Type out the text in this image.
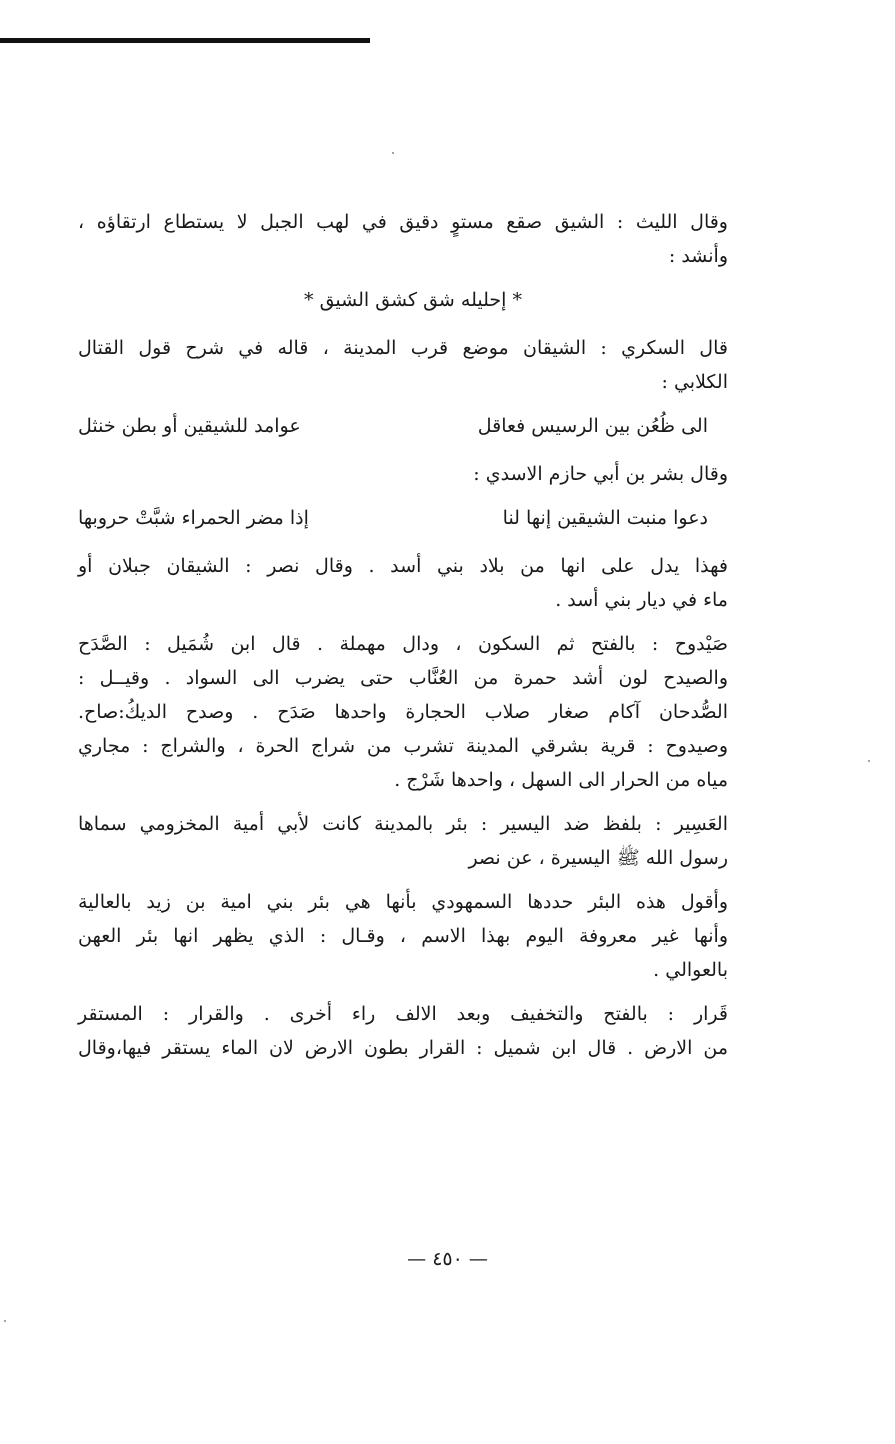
وقال الليث : الشيق صقع مستوٍ دقيق في لهب الجبل لا يستطاع ارتقاؤه ،
وأنشد :
* إحليله شق كشق الشيق *
قال السكري : الشيقان موضع قرب المدينة ، قاله في شرح قول القتال
الكلابي :
الى ظُعُن بين الرسيس فعاقل
عوامد للشيقين أو بطن خنثل
وقال بشر بن أبي حازم الاسدي :
دعوا منبت الشيقين إنها لنا
إذا مضر الحمراء شبَّتْ حروبها
فهذا يدل على انها من بلاد بني أسد . وقال نصر : الشيقان جبلان أو
ماء في ديار بني أسد .
صَيْدوح : بالفتح ثم السكون ، ودال مهملة . قال ابن شُمَيل : الصَّدَح
والصيدح لون أشد حمرة من العُنَّاب حتى يضرب الى السواد . وقيــل :
الصُّدحان آكام صغار صلاب الحجارة واحدها صَدَح . وصدح الديكُ:صاح.
وصيدوح : قرية بشرقي المدينة تشرب من شراج الحرة ، والشراج : مجاري
مياه من الحرار الى السهل ، واحدها شَرْج .
العَسِير : بلفظ ضد اليسير : بئر بالمدينة كانت لأبي أمية المخزومي سماها
رسول الله ﷺ اليسيرة ، عن نصر
وأقول هذه البئر حددها السمهودي بأنها هي بئر بني امية بن زيد بالعالية
وأنها غير معروفة اليوم بهذا الاسم ، وقـال : الذي يظهر انها بئر العهن
بالعوالي .
قَرار : بالفتح والتخفيف وبعد الالف راء أخرى . والقرار : المستقر
من الارض . قال ابن شميل : القرار بطون الارض لان الماء يستقر فيها،وقال
— ٤٥٠ —
